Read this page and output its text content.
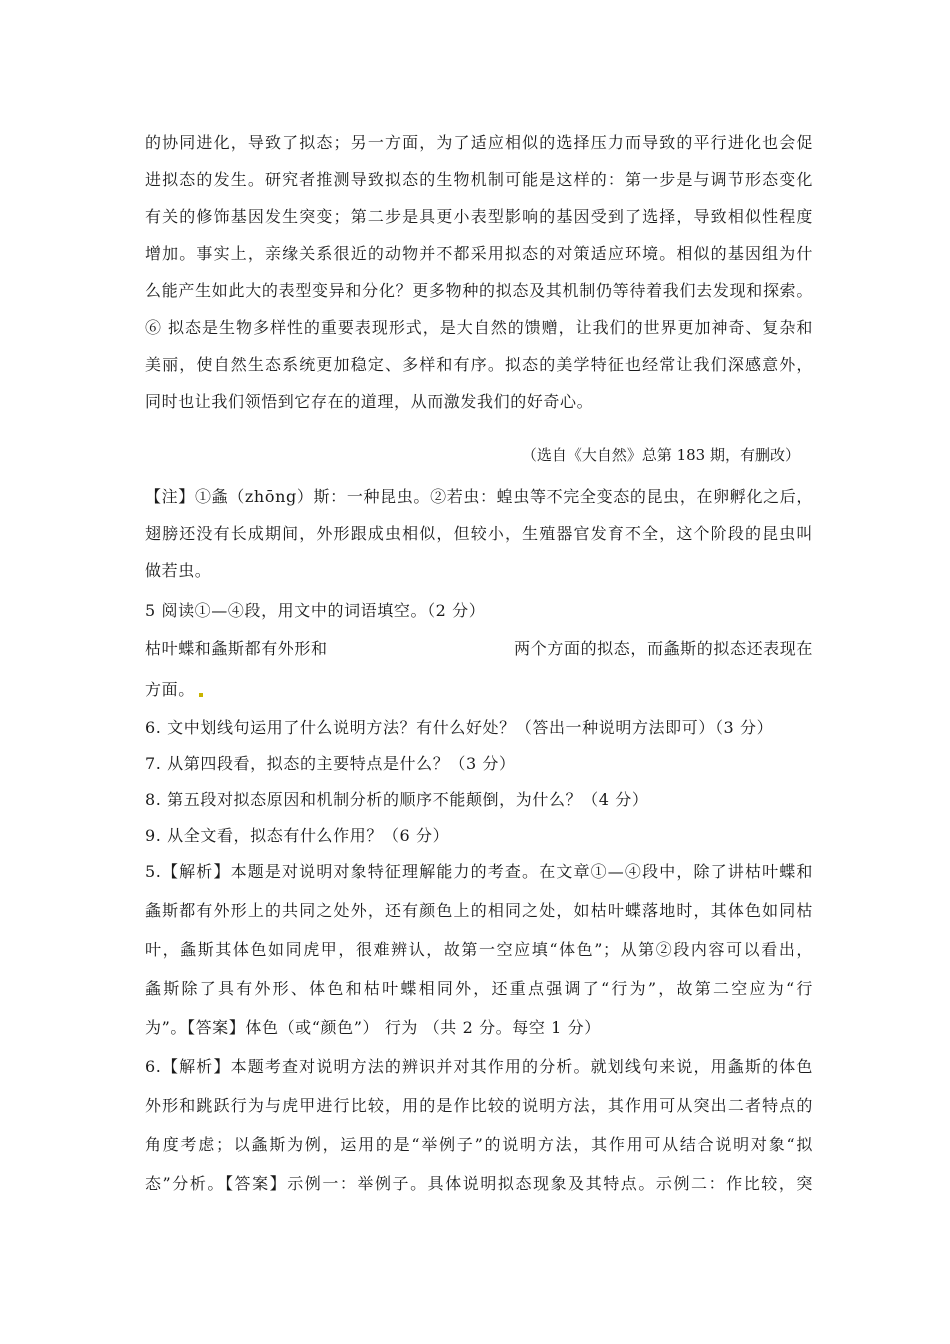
的协同进化，导致了拟态；另一方面，为了适应相似的选择压力而导致的平行进化也会促
进拟态的发生。研究者推测导致拟态的生物机制可能是这样的：第一步是与调节形态变化
有关的修饰基因发生突变；第二步是具更小表型影响的基因受到了选择，导致相似性程度
增加。事实上，亲缘关系很近的动物并不都采用拟态的对策适应环境。相似的基因组为什
么能产生如此大的表型变异和分化？更多物种的拟态及其机制仍等待着我们去发现和探索。
⑥ 拟态是生物多样性的重要表现形式，是大自然的馈赠，让我们的世界更加神奇、复杂和
美丽，使自然生态系统更加稳定、多样和有序。拟态的美学特征也经常让我们深感意外，
同时也让我们领悟到它存在的道理，从而激发我们的好奇心。
（选自《大自然》总第 183 期，有删改）
【注】①螽（zhōng）斯：一种昆虫。②若虫：蝗虫等不完全变态的昆虫，在卵孵化之后，
翅膀还没有长成期间，外形跟成虫相似，但较小，生殖器官发育不全，这个阶段的昆虫叫
做若虫。
5 阅读①—④段，用文中的词语填空。（2 分）
枯叶蝶和螽斯都有外形和	两个方面的拟态，而螽斯的拟态还表现在
方面。
6. 文中划线句运用了什么说明方法？有什么好处？（答出一种说明方法即可）（3 分）
7. 从第四段看，拟态的主要特点是什么？（3 分）
8. 第五段对拟态原因和机制分析的顺序不能颠倒，为什么？（4 分）
9. 从全文看，拟态有什么作用？（6 分）
5.【解析】本题是对说明对象特征理解能力的考查。在文章①—④段中，除了讲枯叶蝶和
螽斯都有外形上的共同之处外，还有颜色上的相同之处，如枯叶蝶落地时，其体色如同枯
叶，螽斯其体色如同虎甲，很难辨认，故第一空应填“体色”；从第②段内容可以看出，
螽斯除了具有外形、体色和枯叶蝶相同外，还重点强调了“行为”，故第二空应为“行
为”。【答案】体色（或“颜色”） 行为 （共 2 分。每空 1 分）
6.【解析】本题考查对说明方法的辨识并对其作用的分析。就划线句来说，用螽斯的体色
外形和跳跃行为与虎甲进行比较，用的是作比较的说明方法，其作用可从突出二者特点的
角度考虑；以螽斯为例，运用的是“举例子”的说明方法，其作用可从结合说明对象“拟
态”分析。【答案】示例一：举例子。具体说明拟态现象及其特点。示例二：作比较，突
